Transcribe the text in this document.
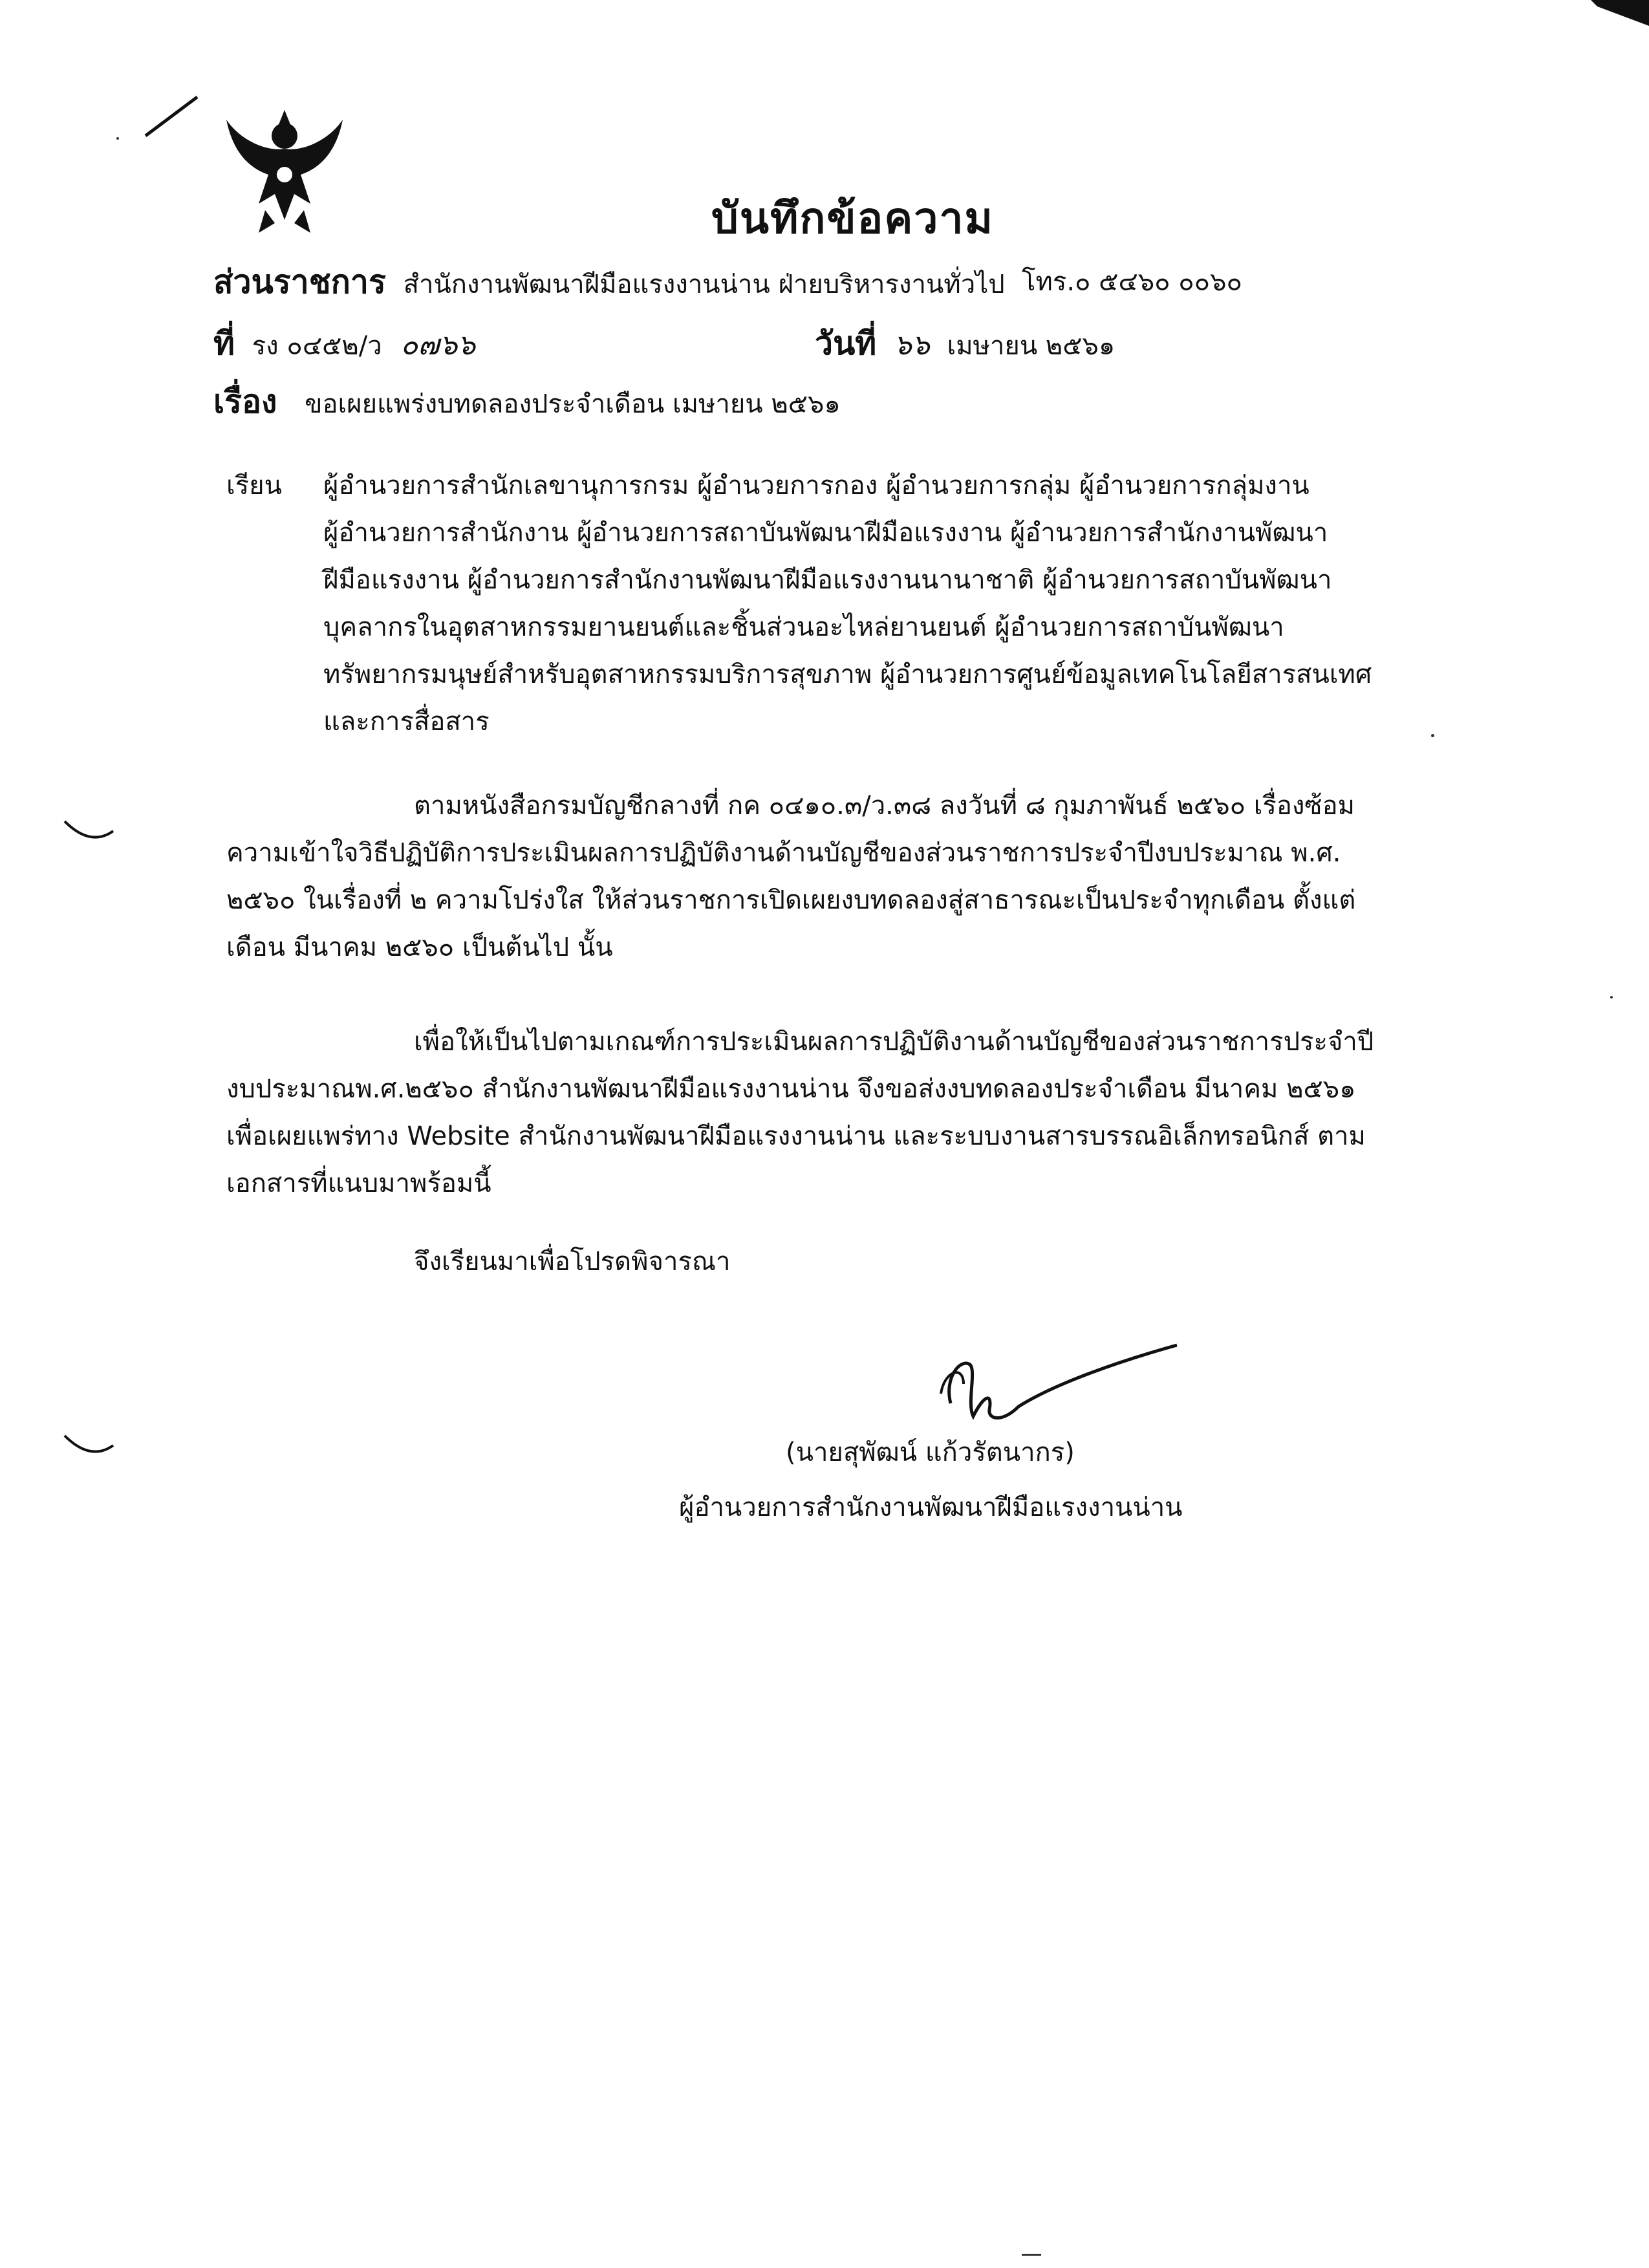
บันทึกข้อความ
ส่วนราชการ สำนักงานพัฒนาฝีมือแรงงานน่าน ฝ่ายบริหารงานทั่วไป โทร.๐ ๕๔๖๐ ๐๐๖๐
ที่ รง ๐๔๕๒/ว ๐๗๖๖	วันที่ ๖๖ เมษายน ๒๕๖๑
เรื่อง ขอเผยแพร่งบทดลองประจำเดือน เมษายน ๒๕๖๑
เรียน ผู้อำนวยการสำนักเลขานุการกรม ผู้อำนวยการกอง ผู้อำนวยการกลุ่ม ผู้อำนวยการกลุ่มงาน
ผู้อำนวยการสำนักงาน ผู้อำนวยการสถาบันพัฒนาฝีมือแรงงาน ผู้อำนวยการสำนักงานพัฒนา
ฝีมือแรงงาน ผู้อำนวยการสำนักงานพัฒนาฝีมือแรงงานนานาชาติ ผู้อำนวยการสถาบันพัฒนา
บุคลากรในอุตสาหกรรมยานยนต์และชิ้นส่วนอะไหล่ยานยนต์ ผู้อำนวยการสถาบันพัฒนา
ทรัพยากรมนุษย์สำหรับอุตสาหกรรมบริการสุขภาพ ผู้อำนวยการศูนย์ข้อมูลเทคโนโลยีสารสนเทศ
และการสื่อสาร
ตามหนังสือกรมบัญชีกลางที่ กค ๐๔๑๐.๓/ว.๓๘ ลงวันที่ ๘ กุมภาพันธ์ ๒๕๖๐ เรื่องซ้อม
ความเข้าใจวิธีปฏิบัติการประเมินผลการปฏิบัติงานด้านบัญชีของส่วนราชการประจำปีงบประมาณ พ.ศ.
๒๕๖๐ ในเรื่องที่ ๒ ความโปร่งใส ให้ส่วนราชการเปิดเผยงบทดลองสู่สาธารณะเป็นประจำทุกเดือน ตั้งแต่
เดือน มีนาคม ๒๕๖๐ เป็นต้นไป นั้น
เพื่อให้เป็นไปตามเกณฑ์การประเมินผลการปฏิบัติงานด้านบัญชีของส่วนราชการประจำปี
งบประมาณพ.ศ.๒๕๖๐ สำนักงานพัฒนาฝีมือแรงงานน่าน จึงขอส่งงบทดลองประจำเดือน มีนาคม ๒๕๖๑
เพื่อเผยแพร่ทาง Website สำนักงานพัฒนาฝีมือแรงงานน่าน และระบบงานสารบรรณอิเล็กทรอนิกส์ ตาม
เอกสารที่แนบมาพร้อมนี้
จึงเรียนมาเพื่อโปรดพิจารณา
(นายสุพัฒน์ แก้วรัตนากร)
ผู้อำนวยการสำนักงานพัฒนาฝีมือแรงงานน่าน
